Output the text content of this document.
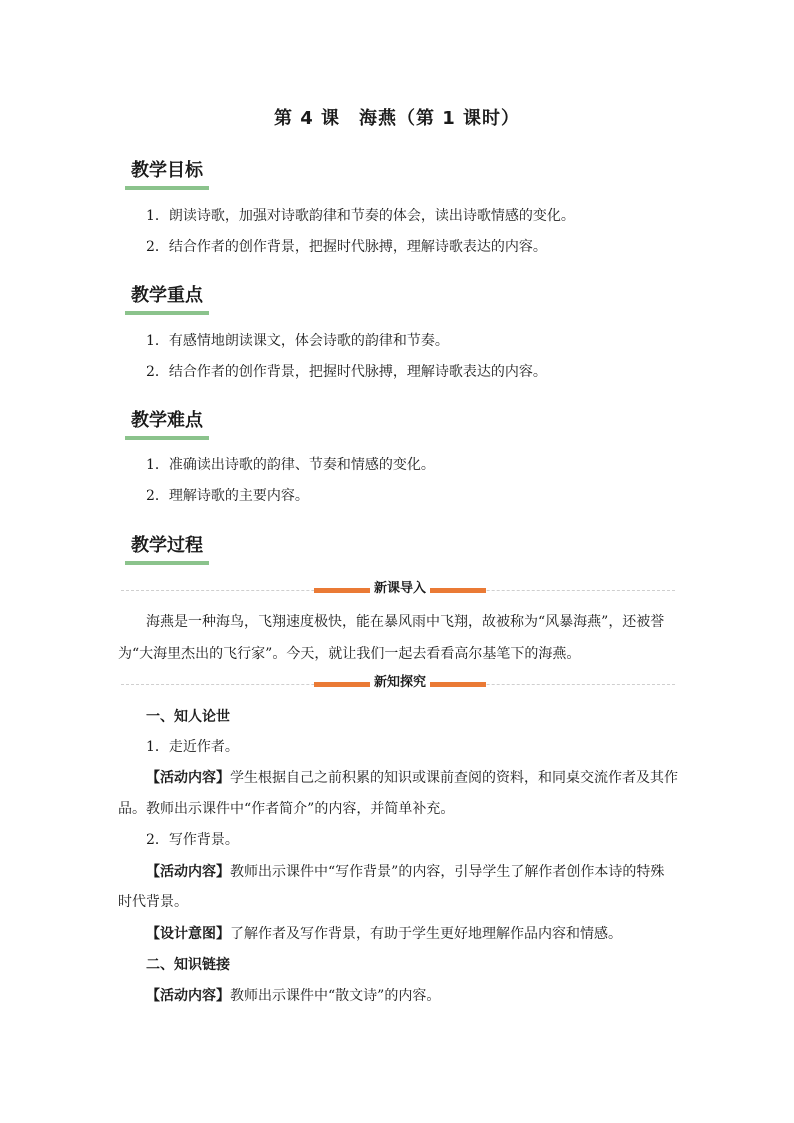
第 4 课　海燕（第 1 课时）
教学目标
1．朗读诗歌，加强对诗歌韵律和节奏的体会，读出诗歌情感的变化。
2．结合作者的创作背景，把握时代脉搏，理解诗歌表达的内容。
教学重点
1．有感情地朗读课文，体会诗歌的韵律和节奏。
2．结合作者的创作背景，把握时代脉搏，理解诗歌表达的内容。
教学难点
1．准确读出诗歌的韵律、节奏和情感的变化。
2．理解诗歌的主要内容。
教学过程
新课导入
海燕是一种海鸟，飞翔速度极快，能在暴风雨中飞翔，故被称为“风暴海燕”，还被誉
为“大海里杰出的飞行家”。今天，就让我们一起去看看高尔基笔下的海燕。
新知探究
一、知人论世
1．走近作者。
【活动内容】学生根据自己之前积累的知识或课前查阅的资料，和同桌交流作者及其作
品。教师出示课件中“作者简介”的内容，并简单补充。
2．写作背景。
【活动内容】教师出示课件中“写作背景”的内容，引导学生了解作者创作本诗的特殊
时代背景。
【设计意图】了解作者及写作背景，有助于学生更好地理解作品内容和情感。
二、知识链接
【活动内容】教师出示课件中“散文诗”的内容。
